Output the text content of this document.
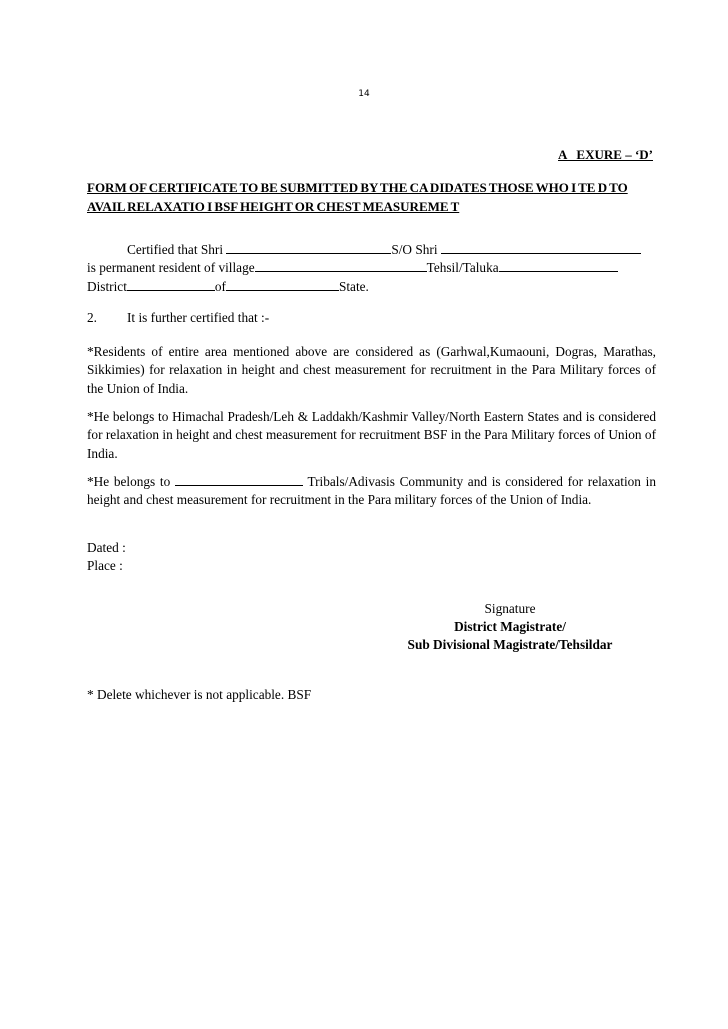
14
A   EXURE – ‘D’
FORM OF CERTIFICATE TO BE SUBMITTED BY THE CA DIDATES THOSE WHO I TE D TO AVAIL RELAXATIO I BSF HEIGHT OR CHEST MEASUREME T
Certified that Shri	S/O Shri
is permanent resident of village	Tehsil/Taluka
District	of	State.
2. It is further certified that :-
*Residents of entire area mentioned above are considered as (Garhwal,Kumaouni, Dogras, Marathas, Sikkimies) for relaxation in height and chest measurement for recruitment in the Para Military forces of the Union of India.
*He belongs to Himachal Pradesh/Leh & Laddakh/Kashmir Valley/North Eastern States and is considered for relaxation in height and chest measurement for recruitment BSF in the Para Military forces of Union of India.
*He belongs to	Tribals/Adivasis Community and is considered for relaxation in height and chest measurement for recruitment in the Para military forces of the Union of India.
Dated :
Place :
Signature
District Magistrate/
Sub Divisional Magistrate/Tehsildar
* Delete whichever is not applicable. BSF
